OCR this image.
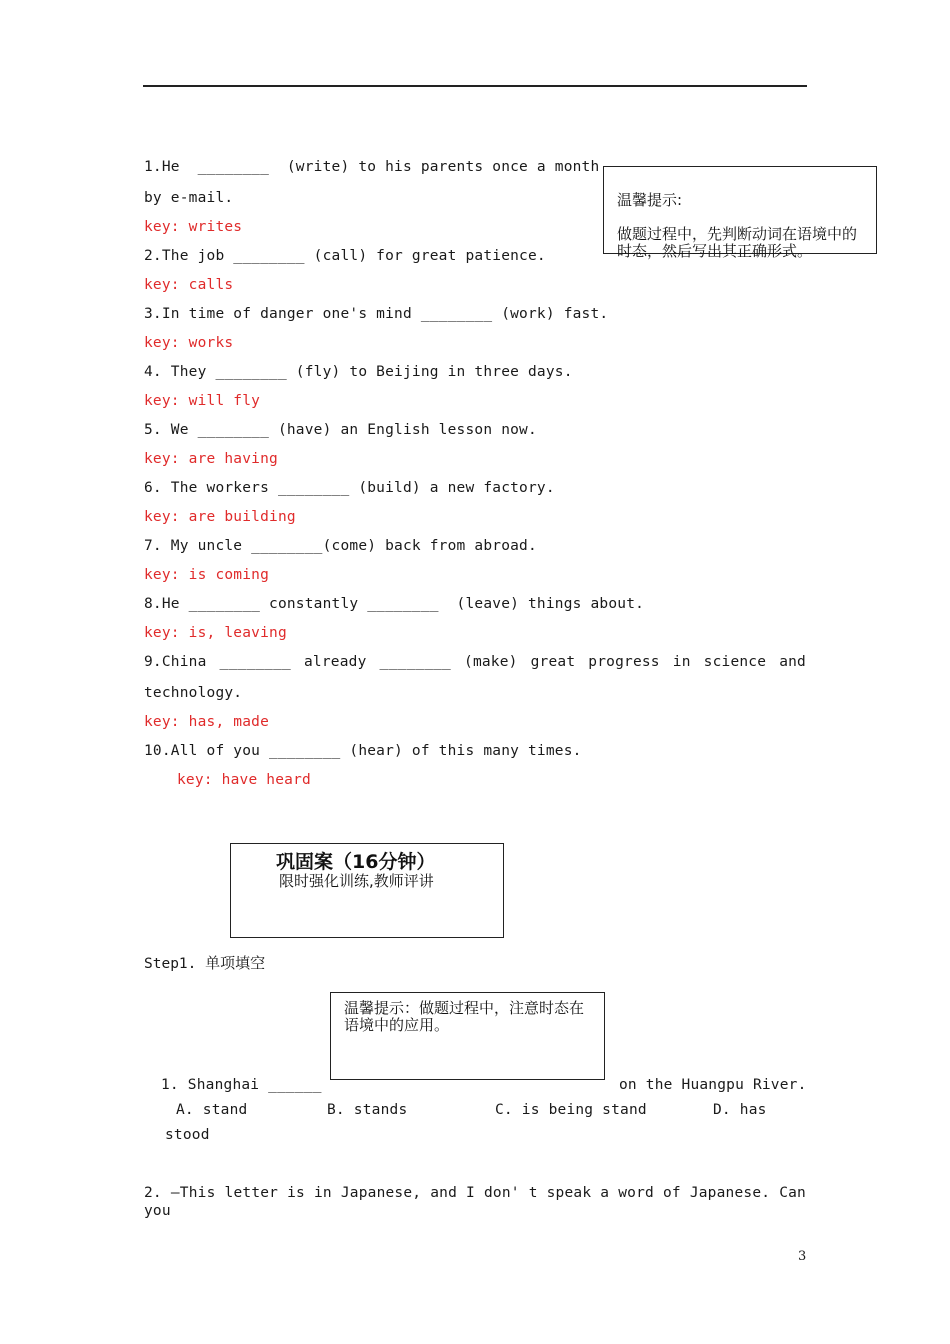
1.He  ________  (write) to his parents once a month
by e-mail.
key: writes
2.The job ________ (call) for great patience.
key: calls
3.In time of danger one's mind ________ (work) fast.
key: works
4. They ________ (fly) to Beijing in three days.
key: will fly
5. We ________ (have) an English lesson now.
key: are having
6. The workers ________ (build) a new factory.
key: are building
7. My uncle ________(come) back from abroad.
key: is coming
8.He ________ constantly ________  (leave) things about.
key: is, leaving
9.China ________ already ________ (make) great progress in science and
technology.
key: has, made
10.All of you ________ (hear) of this many times.
key: have heard

温馨提示:

做题过程中，先判断动词在语境中的时态，然后写出其正确形式。

巩固案（16分钟）
限时强化训练,教师评讲
Step1. 单项填空
温馨提示：做题过程中，注意时态在语境中的应用。
1. Shanghai ______	on the Huangpu River.
A. stand	B. stands	C. is being stand	D. has
stood
2. —This letter is in Japanese, and I don' t speak a word of Japanese. Can you
3
